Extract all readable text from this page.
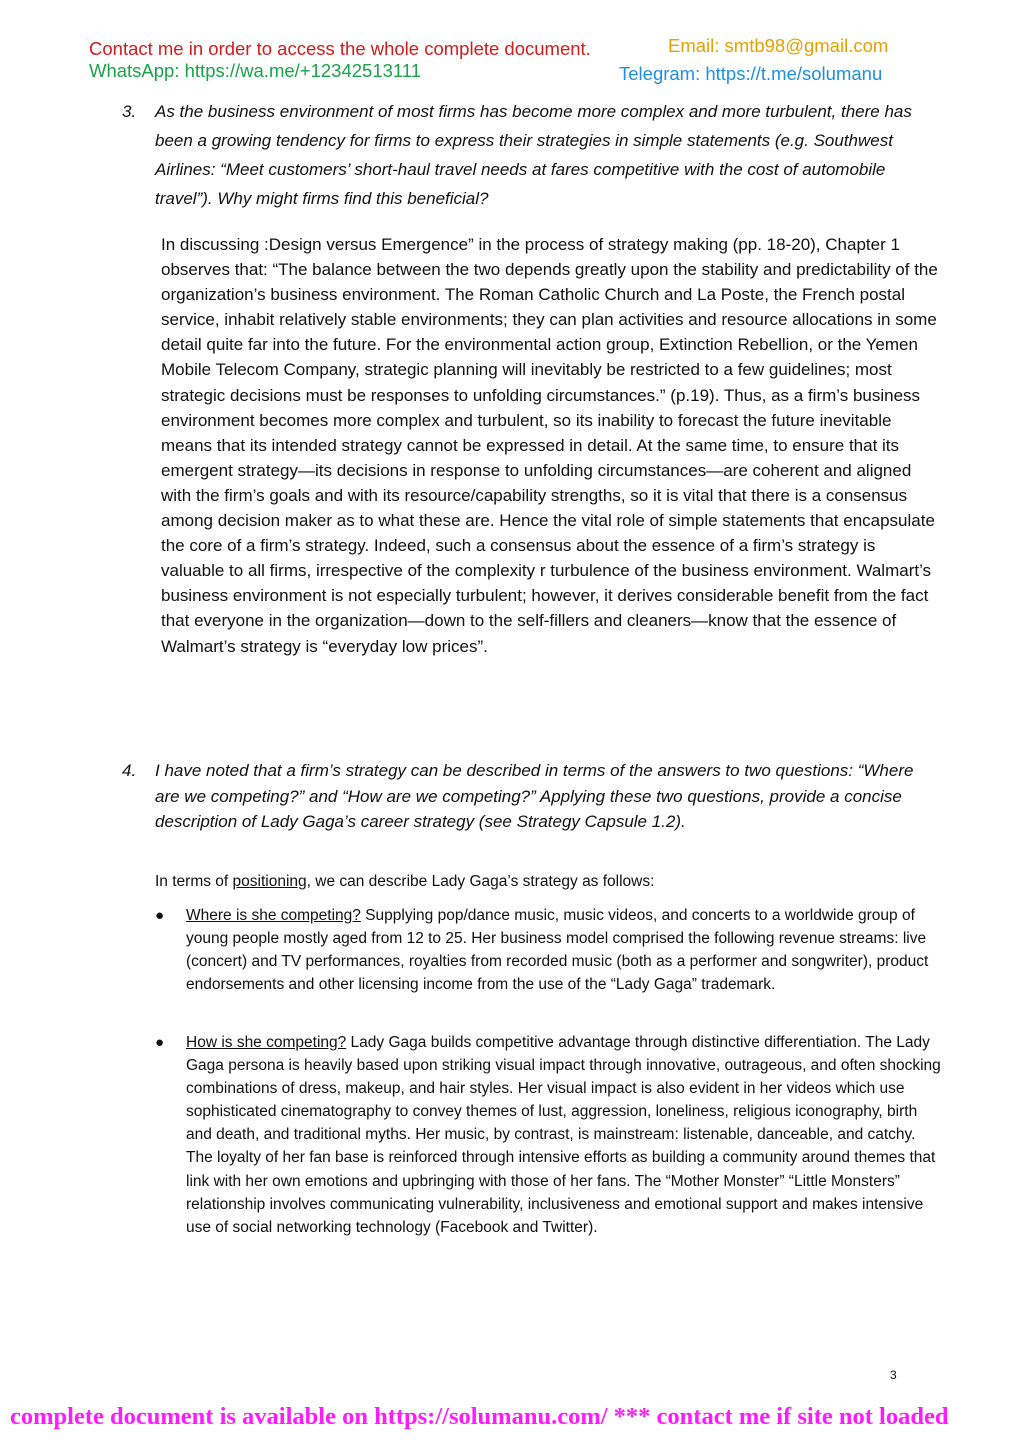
Contact me in order to access the whole complete document.
WhatsApp: https://wa.me/+12342513111
Email: smtb98@gmail.com
Telegram: https://t.me/solumanu
3. As the business environment of most firms has become more complex and more turbulent, there has been a growing tendency for firms to express their strategies in simple statements (e.g. Southwest Airlines: “Meet customers’ short-haul travel needs at fares competitive with the cost of automobile travel”). Why might firms find this beneficial?
In discussing :Design versus Emergence” in the process of strategy making (pp. 18-20), Chapter 1 observes that: “The balance between the two depends greatly upon the stability and predictability of the organization’s business environment. The Roman Catholic Church and La Poste, the French postal service, inhabit relatively stable environments; they can plan activities and resource allocations in some detail quite far into the future. For the environmental action group, Extinction Rebellion, or the Yemen Mobile Telecom Company, strategic planning will inevitably be restricted to a few guidelines; most strategic decisions must be responses to unfolding circumstances.” (p.19). Thus, as a firm’s business environment becomes more complex and turbulent, so its inability to forecast the future inevitable means that its intended strategy cannot be expressed in detail. At the same time, to ensure that its emergent strategy—its decisions in response to unfolding circumstances—are coherent and aligned with the firm’s goals and with its resource/capability strengths, so it is vital that there is a consensus among decision maker as to what these are. Hence the vital role of simple statements that encapsulate the core of a firm’s strategy. Indeed, such a consensus about the essence of a firm’s strategy is valuable to all firms, irrespective of the complexity r turbulence of the business environment. Walmart’s business environment is not especially turbulent; however, it derives considerable benefit from the fact that everyone in the organization—down to the self-fillers and cleaners—know that the essence of Walmart’s strategy is “everyday low prices”.
4. I have noted that a firm’s strategy can be described in terms of the answers to two questions: “Where are we competing?” and “How are we competing?” Applying these two questions, provide a concise description of Lady Gaga’s career strategy (see Strategy Capsule 1.2).
In terms of positioning, we can describe Lady Gaga’s strategy as follows:
● Where is she competing? Supplying pop/dance music, music videos, and concerts to a worldwide group of young people mostly aged from 12 to 25. Her business model comprised the following revenue streams: live (concert) and TV performances, royalties from recorded music (both as a performer and songwriter), product endorsements and other licensing income from the use of the “Lady Gaga” trademark.
● How is she competing? Lady Gaga builds competitive advantage through distinctive differentiation. The Lady Gaga persona is heavily based upon striking visual impact through innovative, outrageous, and often shocking combinations of dress, makeup, and hair styles. Her visual impact is also evident in her videos which use sophisticated cinematography to convey themes of lust, aggression, loneliness, religious iconography, birth and death, and traditional myths. Her music, by contrast, is mainstream: listenable, danceable, and catchy. The loyalty of her fan base is reinforced through intensive efforts as building a community around themes that link with her own emotions and upbringing with those of her fans. The “Mother Monster” “Little Monsters” relationship involves communicating vulnerability, inclusiveness and emotional support and makes intensive use of social networking technology (Facebook and Twitter).
3
complete document is available on https://solumanu.com/ *** contact me if site not loaded
